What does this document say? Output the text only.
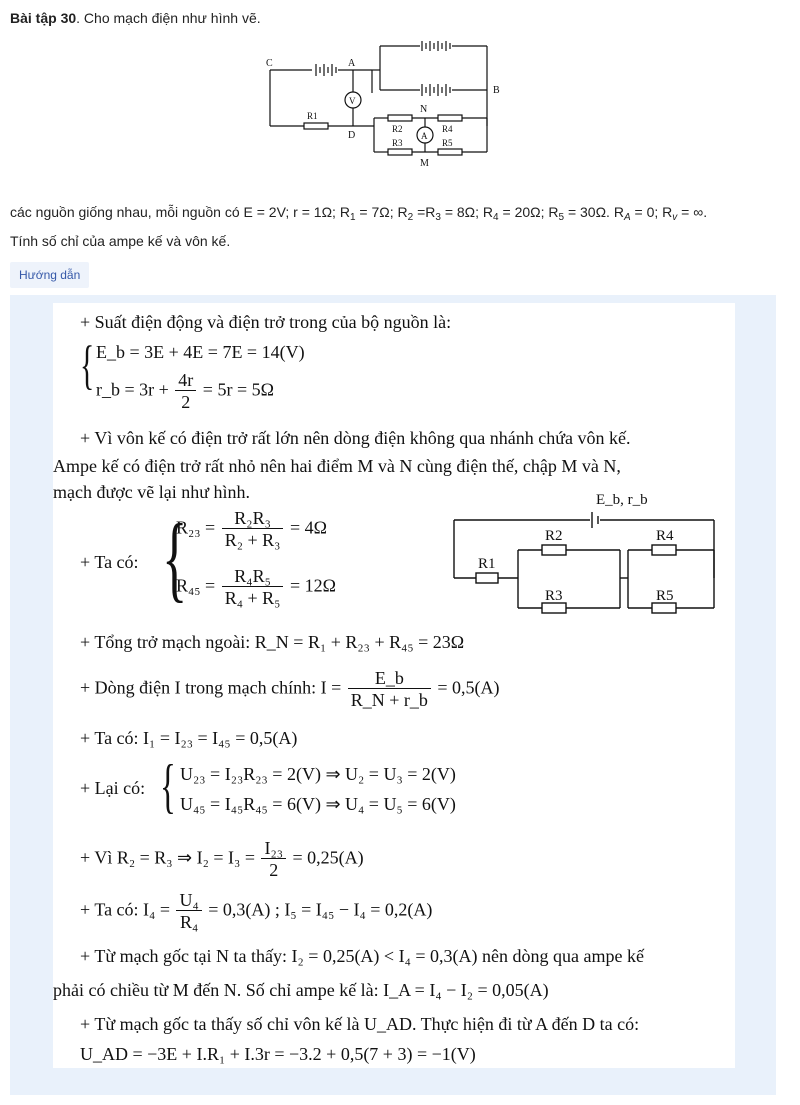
Bài tập 30. Cho mạch điện như hình vẽ.
C	A
B
V
N
D
R1
R2
R3
R4
R5
A
M
các nguồn giống nhau, mỗi nguồn có E = 2V; r = 1Ω; $R_1 = 7\Omega$; $R_2 =R_3 = 8\Omega$; $R_4 = 20\Omega$; $R_5 = 30\Omega$. $R_A = 0$; $R_v$ = ∞.
Tính số chỉ của ampe kế và vôn kế.
Hướng dẫn
+ Suất điện động và điện trở trong của bộ nguồn là:
{ E_b = 3E + 4E = 7E = 14(V)
r_b = $3r + \frac{4r}{2} = 5r = 5\Omega$
+ Vì vôn kế có điện trở rất lớn nên dòng điện không qua nhánh chứa vôn kế.
Ampe kế có điện trở rất nhỏ nên hai điểm M và N cùng điện thế, chập M và N,
mạch được vẽ lại như hình.
+ Ta có: {
$R_{23} = \frac{\text{R₂R₃}}{\text{R₂ + R₃}} = 4\Omega$
$R_{45} = \frac{\text{R₄R₅}}{\text{R₄ + R₅}} = 12\Omega$
E_b, r_b
R2	R4
R1
R3	R5
+ Tổng trở mạch ngoài: R_N = R₁ + R₂₃ + R₄₅ = 23Ω
+ Dòng điện I trong mạch chính: $I = \frac{E\_b}{R\_N + r\_b} = 0,5(A)$
+ Ta có: I₁ = I₂₃ = I₄₅ = 0,5(A)
+ Lại có: { U₂₃ = I₂₃R₂₃ = 2(V) ⇒ U₂ = U₃ = 2(V)
U₄₅ = I₄₅R₄₅ = 6(V) ⇒ U₄ = U₅ = 6(V)
+ Vì R₂ = R₃ ⇒ $I_2 = I_3 = \frac{\text{I₂₃}}{2} = 0,25(A)$
+ Ta có: $I_4 = \frac{\text{U₄}}{\text{R₄}} = 0,3(A)$ ; I₅ = I₄₅ − I₄ = 0,2(A)
+ Từ mạch gốc tại N ta thấy: I₂ = 0,25(A) < I₄ = 0,3(A) nên dòng qua ampe kế
phải có chiều từ M đến N. Số chỉ ampe kế là: I_A = I₄ − I₂ = 0,05(A)
+ Từ mạch gốc ta thấy số chỉ vôn kế là U_AD. Thực hiện đi từ A đến D ta có:
U_AD = −3E + I.R₁ + I.3r = −3.2 + 0,5(7 + 3) = −1(V)
